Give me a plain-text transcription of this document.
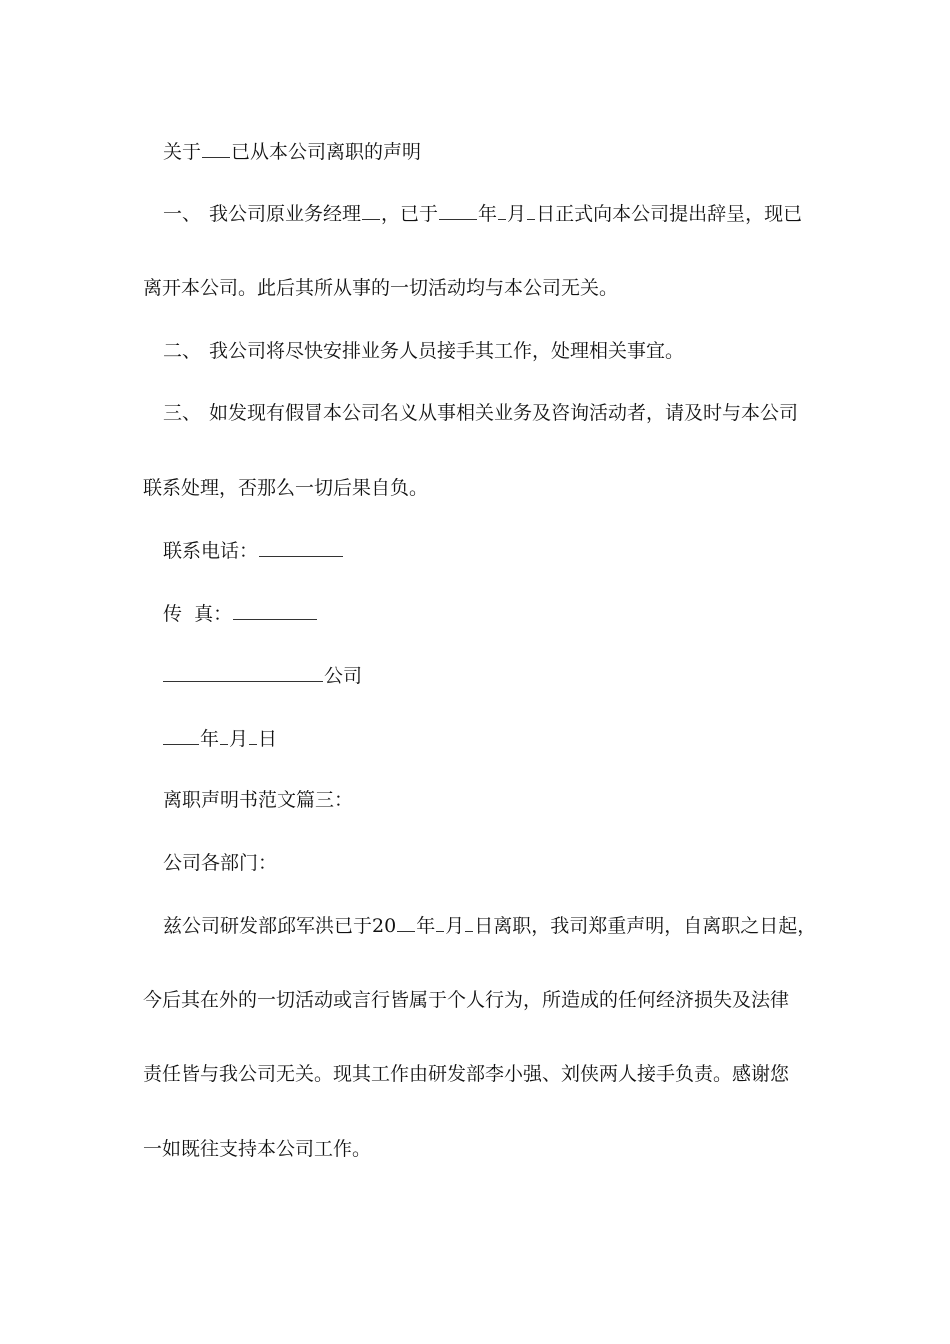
关于 已从本公司离职的声明
一、 我公司原业务经理 ，已于 年 月 日正式向本公司提出辞呈，现已
离开本公司。此后其所从事的一切活动均与本公司无关。
二、 我公司将尽快安排业务人员接手其工作，处理相关事宜。
三、 如发现有假冒本公司名义从事相关业务及咨询活动者，请及时与本公司
联系处理，否那么一切后果自负。
联系电话：
传  真：
公司
年 月 日
离职声明书范文篇三：
公司各部门：
兹公司研发部邱军洪已于20 年 月 日离职，我司郑重声明，自离职之日起，
今后其在外的一切活动或言行皆属于个人行为，所造成的任何经济损失及法律
责任皆与我公司无关。现其工作由研发部李小强、刘侠两人接手负责。感谢您
一如既往支持本公司工作。
